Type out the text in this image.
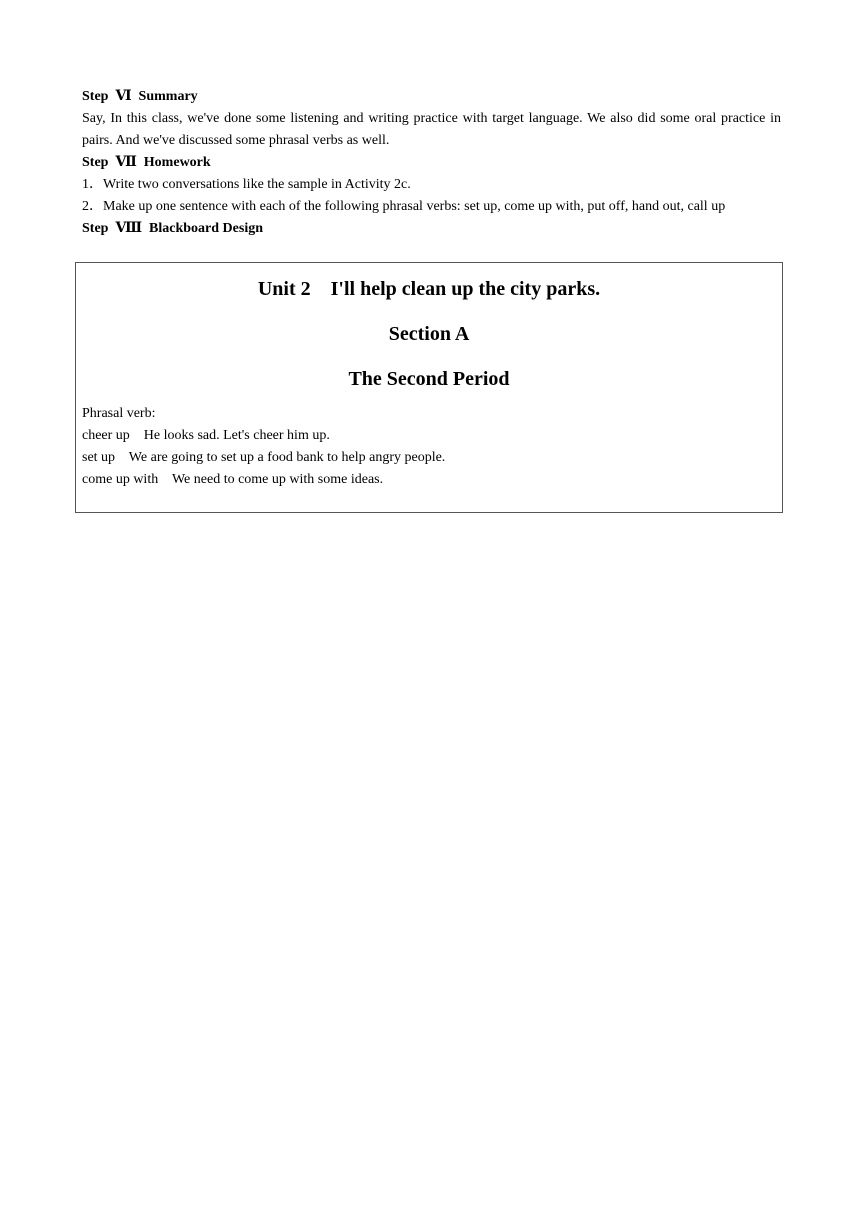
Step  Ⅵ  Summary
Say, In this class, we've done some listening and writing practice with target language. We also did some oral practice in pairs. And we've discussed some phrasal verbs as well.
Step  Ⅶ  Homework
1．Write two conversations like the sample in Activity 2c.
2．Make up one sentence with each of the following phrasal verbs: set up, come up with, put off, hand out, call up
Step  Ⅷ  Blackboard Design
Unit 2    I'll help clean up the city parks.
Section A
The Second Period
Phrasal verb:
cheer up    He looks sad. Let's cheer him up.
set up    We are going to set up a food bank to help angry people.
come up with    We need to come up with some ideas.
